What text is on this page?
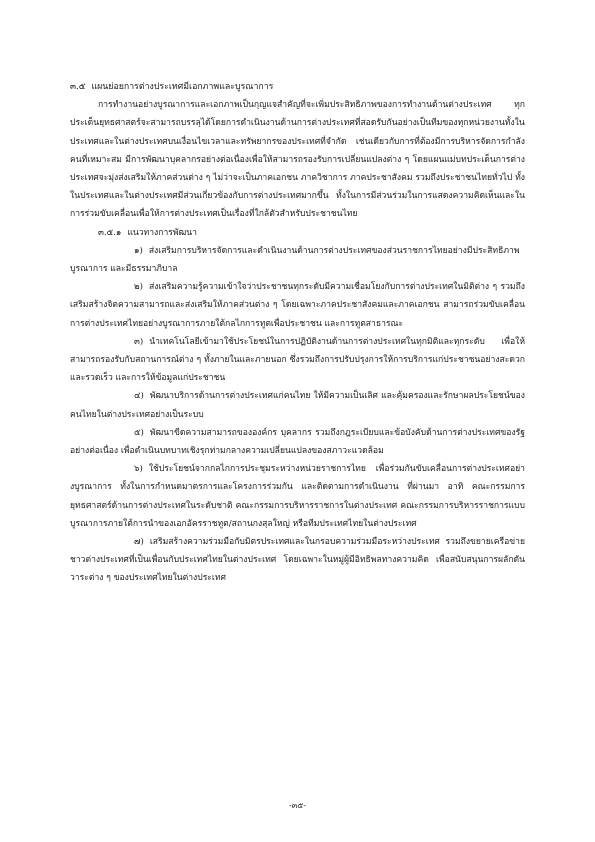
๓.๕ แผนย่อยการต่างประเทศมีเอกภาพและบูรณาการ

การทำงานอย่างบูรณาการและเอกภาพเป็นกุญแจสำคัญที่จะเพิ่มประสิทธิภาพของการทำงานด้านต่างประเทศ ทุกประเด็นยุทธศาสตร์จะสามารถบรรลุได้โดยการดำเนินงานด้านการต่างประเทศที่สอดรับกันอย่างเป็นทีมของทุกหน่วยงานทั้งในประเทศและในต่างประเทศบนเงื่อนไขเวลาและทรัพยากรของประเทศที่จำกัด เช่นเดียวกับการที่ต้องมีการบริหารจัดการกำลังคนที่เหมาะสม มีการพัฒนาบุคลากรอย่างต่อเนื่องเพื่อให้สามารถรองรับการเปลี่ยนแปลงต่าง ๆ โดยแผนแม่บทประเด็นการต่างประเทศจะมุ่งส่งเสริมให้ภาคส่วนต่าง ๆ ไม่ว่าจะเป็นภาคเอกชน ภาควิชาการ ภาคประชาสังคม รวมถึงประชาชนไทยทั่วไป ทั้งในประเทศและในต่างประเทศมีส่วนเกี่ยวข้องกับการต่างประเทศมากขึ้น ทั้งในการมีส่วนร่วมในการแสดงความคิดเห็นและในการร่วมขับเคลื่อนเพื่อให้การต่างประเทศเป็นเรื่องที่ใกล้ตัวสำหรับประชาชนไทย

๓.๕.๑ แนวทางการพัฒนา

๑) ส่งเสริมการบริหารจัดการและดำเนินงานด้านการต่างประเทศของส่วนราชการไทยอย่างมีประสิทธิภาพ บูรณาการ และมีธรรมาภิบาล

๒) ส่งเสริมความรู้ความเข้าใจว่าประชาชนทุกระดับมีความเชื่อมโยงกับการต่างประเทศในมิติต่าง ๆ รวมถึงเสริมสร้างจิตความสามารถและส่งเสริมให้ภาคส่วนต่าง ๆ โดยเฉพาะภาคประชาสังคมและภาคเอกชน สามารถร่วมขับเคลื่อนการต่างประเทศไทยอย่างบูรณาการภายใต้กลไกการทูตเพื่อประชาชน และการทูตสาธารณะ

๓) นำเทคโนโลยีเข้ามาใช้ประโยชน์ในการปฏิบัติงานด้านการต่างประเทศในทุกมิติและทุกระดับ เพื่อให้สามารถรองรับกับสถานการณ์ต่าง ๆ ทั้งภายในและภายนอก ซึ่งรวมถึงการปรับปรุงการให้การบริการแก่ประชาชนอย่างสะดวกและรวดเร็ว และการให้ข้อมูลแก่ประชาชน

๔) พัฒนาบริการด้านการต่างประเทศแก่คนไทย ให้มีความเป็นเลิศ และคุ้มครองและรักษาผลประโยชน์ของคนไทยในต่างประเทศอย่างเป็นระบบ

๕) พัฒนาขีดความสามารถขององค์กร บุคลากร รวมถึงกฎระเบียบและข้อบังคับด้านการต่างประเทศของรัฐอย่างต่อเนื่อง เพื่อดำเนินบทบาทเชิงรุกท่ามกลางความเปลี่ยนแปลงของสภาวะแวดล้อม

๖) ใช้ประโยชน์จากกลไกการประชุมระหว่างหน่วยราชการไทย เพื่อร่วมกันขับเคลื่อนการต่างประเทศอย่างบูรณาการ ทั้งในการกำหนดมาตรการและโครงการร่วมกัน และติดตามการดำเนินงาน ที่ผ่านมา อาทิ คณะกรรมการยุทธศาสตร์ด้านการต่างประเทศในระดับชาติ คณะกรรมการบริหารราชการในต่างประเทศ คณะกรรมการบริหารราชการแบบบูรณาการภายใต้การนำของเอกอัครราชทูต/สถานกงสุลใหญ่ หรือทีมประเทศไทยในต่างประเทศ

๗) เสริมสร้างความร่วมมือกับมิตรประเทศและในกรอบความร่วมมือระหว่างประเทศ รวมถึงขยายเครือข่ายชาวต่างประเทศที่เป็นเพื่อนกับประเทศไทยในต่างประเทศ โดยเฉพาะในหมู่ผู้มีอิทธิพลทางความคิด เพื่อสนับสนุนการผลักดันวาระต่าง ๆ ของประเทศไทยในต่างประเทศ

-๓๕-
